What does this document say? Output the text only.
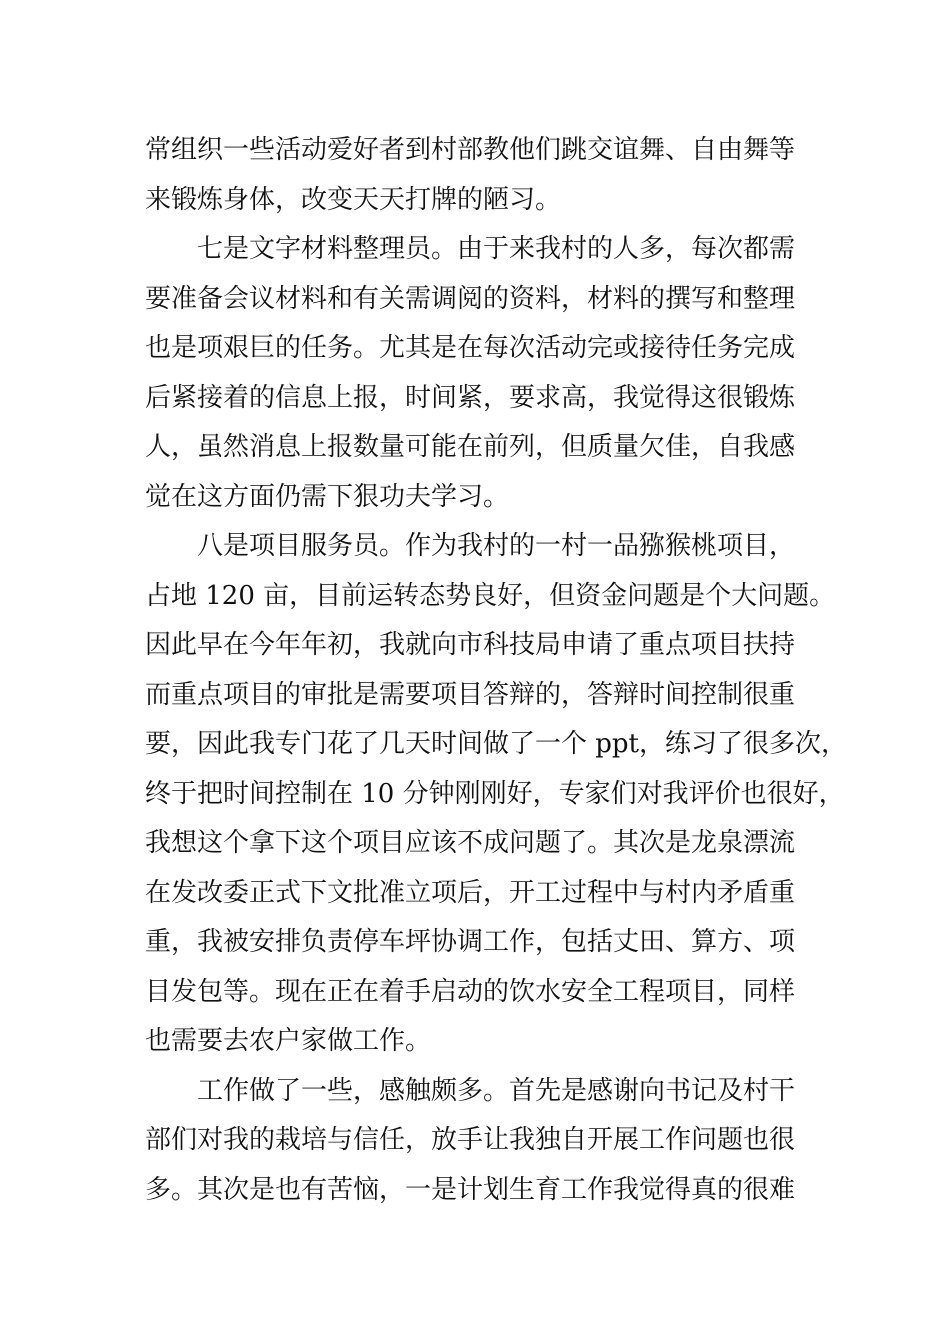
常组织一些活动爱好者到村部教他们跳交谊舞、自由舞等
来锻炼身体，改变天天打牌的陋习。
七是文字材料整理员。由于来我村的人多，每次都需
要准备会议材料和有关需调阅的资料，材料的撰写和整理
也是项艰巨的任务。尤其是在每次活动完或接待任务完成
后紧接着的信息上报，时间紧，要求高，我觉得这很锻炼
人，虽然消息上报数量可能在前列，但质量欠佳，自我感
觉在这方面仍需下狠功夫学习。
八是项目服务员。作为我村的一村一品猕猴桃项目，
占地 120 亩，目前运转态势良好，但资金问题是个大问题。
因此早在今年年初，我就向市科技局申请了重点项目扶持
而重点项目的审批是需要项目答辩的，答辩时间控制很重
要，因此我专门花了几天时间做了一个 ppt，练习了很多次，
终于把时间控制在 10 分钟刚刚好，专家们对我评价也很好，
我想这个拿下这个项目应该不成问题了。其次是龙泉漂流
在发改委正式下文批准立项后，开工过程中与村内矛盾重
重，我被安排负责停车坪协调工作，包括丈田、算方、项
目发包等。现在正在着手启动的饮水安全工程项目，同样
也需要去农户家做工作。
工作做了一些，感触颇多。首先是感谢向书记及村干
部们对我的栽培与信任，放手让我独自开展工作问题也很
多。其次是也有苦恼，一是计划生育工作我觉得真的很难
